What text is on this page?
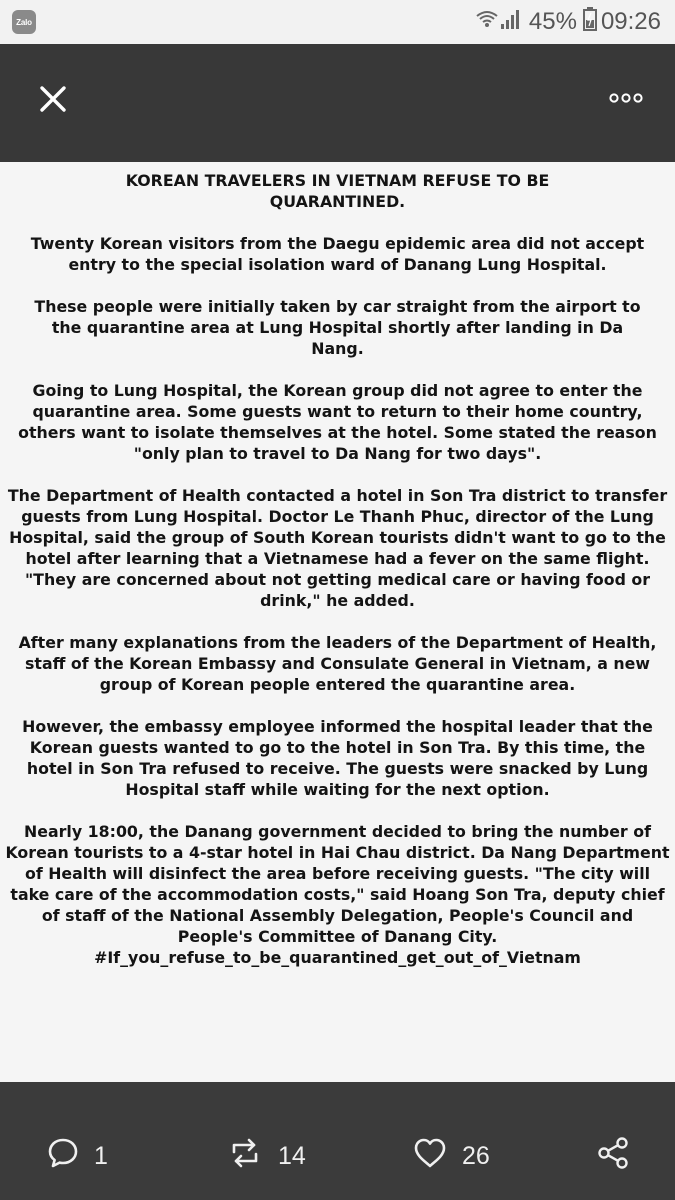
Zalo	45% 09:26

KOREAN TRAVELERS IN VIETNAM REFUSE TO BE QUARANTINED.

Twenty Korean visitors from the Daegu epidemic area did not accept entry to the special isolation ward of Danang Lung Hospital.

These people were initially taken by car straight from the airport to the quarantine area at Lung Hospital shortly after landing in Da Nang.

Going to Lung Hospital, the Korean group did not agree to enter the quarantine area. Some guests want to return to their home country, others want to isolate themselves at the hotel. Some stated the reason "only plan to travel to Da Nang for two days".

The Department of Health contacted a hotel in Son Tra district to transfer guests from Lung Hospital. Doctor Le Thanh Phuc, director of the Lung Hospital, said the group of South Korean tourists didn't want to go to the hotel after learning that a Vietnamese had a fever on the same flight. "They are concerned about not getting medical care or having food or drink," he added.

After many explanations from the leaders of the Department of Health, staff of the Korean Embassy and Consulate General in Vietnam, a new group of Korean people entered the quarantine area.

However, the embassy employee informed the hospital leader that the Korean guests wanted to go to the hotel in Son Tra. By this time, the hotel in Son Tra refused to receive. The guests were snacked by Lung Hospital staff while waiting for the next option.

Nearly 18:00, the Danang government decided to bring the number of Korean tourists to a 4-star hotel in Hai Chau district. Da Nang Department of Health will disinfect the area before receiving guests. "The city will take care of the accommodation costs," said Hoang Son Tra, deputy chief of staff of the National Assembly Delegation, People's Council and People's Committee of Danang City.

#If_you_refuse_to_be_quarantined_get_out_of_Vietnam

1	14	26
